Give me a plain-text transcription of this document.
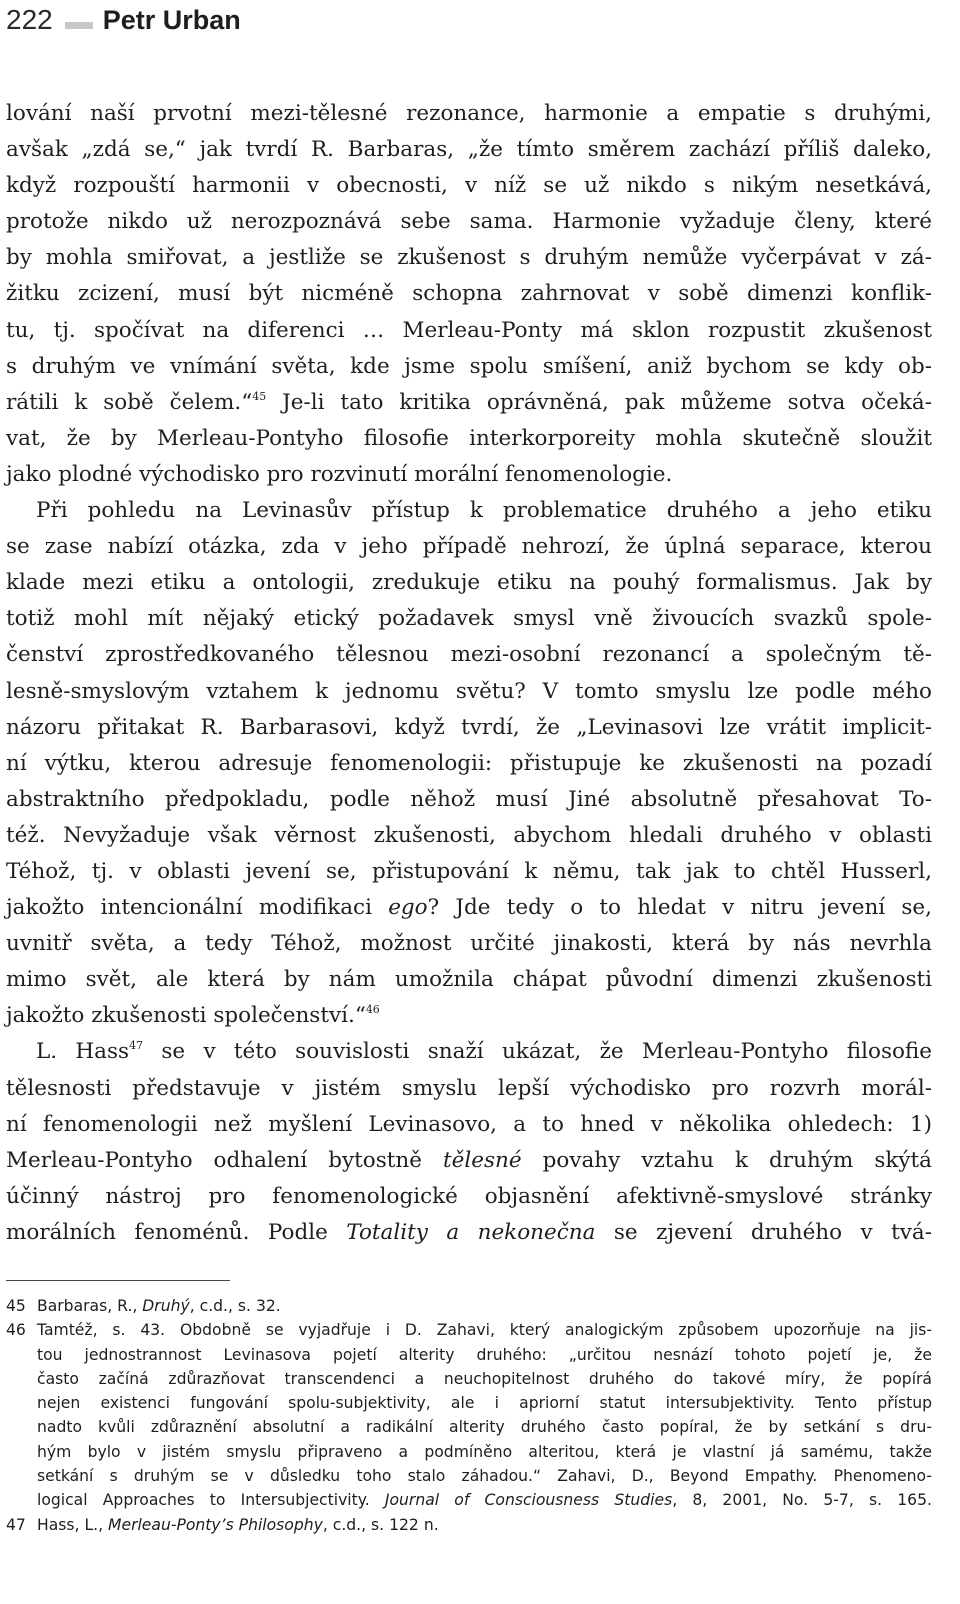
222 Petr Urban
lování naší prvotní mezi-tělesné rezonance, harmonie a empatie s druhými,
avšak „zdá se,“ jak tvrdí R. Barbaras, „že tímto směrem zachází příliš daleko,
když rozpouští harmonii v obecnosti, v níž se už nikdo s nikým nesetkává,
protože nikdo už nerozpoznává sebe sama. Harmonie vyžaduje členy, které
by mohla smiřovat, a jestliže se zkušenost s druhým nemůže vyčerpávat v zá-
žitku zcizení, musí být nicméně schopna zahrnovat v sobě dimenzi konflik-
tu, tj. spočívat na diferenci … Merleau-Ponty má sklon rozpustit zkušenost
s druhým ve vnímání světa, kde jsme spolu smíšení, aniž bychom se kdy ob-
rátili k sobě čelem.“$^{45}$ Je-li tato kritika oprávněná, pak můžeme sotva očeká-
vat, že by Merleau-Pontyho filosofie interkorporeity mohla skutečně sloužit
jako plodné východisko pro rozvinutí morální fenomenologie.
Při pohledu na Levinasův přístup k problematice druhého a jeho etiku
se zase nabízí otázka, zda v jeho případě nehrozí, že úplná separace, kterou
klade mezi etiku a ontologii, zredukuje etiku na pouhý formalismus. Jak by
totiž mohl mít nějaký etický požadavek smysl vně živoucích svazků spole-
čenství zprostředkovaného tělesnou mezi-osobní rezonancí a společným tě-
lesně-smyslovým vztahem k jednomu světu? V tomto smyslu lze podle mého
názoru přitakat R. Barbarasovi, když tvrdí, že „Levinasovi lze vrátit implicit-
ní výtku, kterou adresuje fenomenologii: přistupuje ke zkušenosti na pozadí
abstraktního předpokladu, podle něhož musí Jiné absolutně přesahovat To-
též. Nevyžaduje však věrnost zkušenosti, abychom hledali druhého v oblasti
Téhož, tj. v oblasti jevení se, přistupování k němu, tak jak to chtěl Husserl,
jakožto intencionální modifikaci ego? Jde tedy o to hledat v nitru jevení se,
uvnitř světa, a tedy Téhož, možnost určité jinakosti, která by nás nevrhla
mimo svět, ale která by nám umožnila chápat původní dimenzi zkušenosti
jakožto zkušenosti společenství.“$^{46}$
L. Hass$^{47}$ se v této souvislosti snaží ukázat, že Merleau-Pontyho filosofie
tělesnosti představuje v jistém smyslu lepší východisko pro rozvrh morál-
ní fenomenologii než myšlení Levinasovo, a to hned v několika ohledech: 1)
Merleau-Pontyho odhalení bytostně tělesné povahy vztahu k druhým skýtá
účinný nástroj pro fenomenologické objasnění afektivně-smyslové stránky
morálních fenoménů. Podle Totality a nekonečna se zjevení druhého v tvá-
45 Barbaras, R., Druhý, c.d., s. 32.
46 Tamtéž, s. 43. Obdobně se vyjadřuje i D. Zahavi, který analogickým způsobem upozorňuje na jis-
tou jednostrannost Levinasova pojetí alterity druhého: „určitou nesnází tohoto pojetí je, že
často začíná zdůrazňovat transcendenci a neuchopitelnost druhého do takové míry, že popírá
nejen existenci fungování spolu-subjektivity, ale i apriorní statut intersubjektivity. Tento přístup
nadto kvůli zdůraznění absolutní a radikální alterity druhého často popíral, že by setkání s dru-
hým bylo v jistém smyslu připraveno a podmíněno alteritou, která je vlastní já samému, takže
setkání s druhým se v důsledku toho stalo záhadou.“ Zahavi, D., Beyond Empathy. Phenomeno-
logical Approaches to Intersubjectivity. Journal of Consciousness Studies, 8, 2001, No. 5-7, s. 165.
47 Hass, L., Merleau-Ponty’s Philosophy, c.d., s. 122 n.
